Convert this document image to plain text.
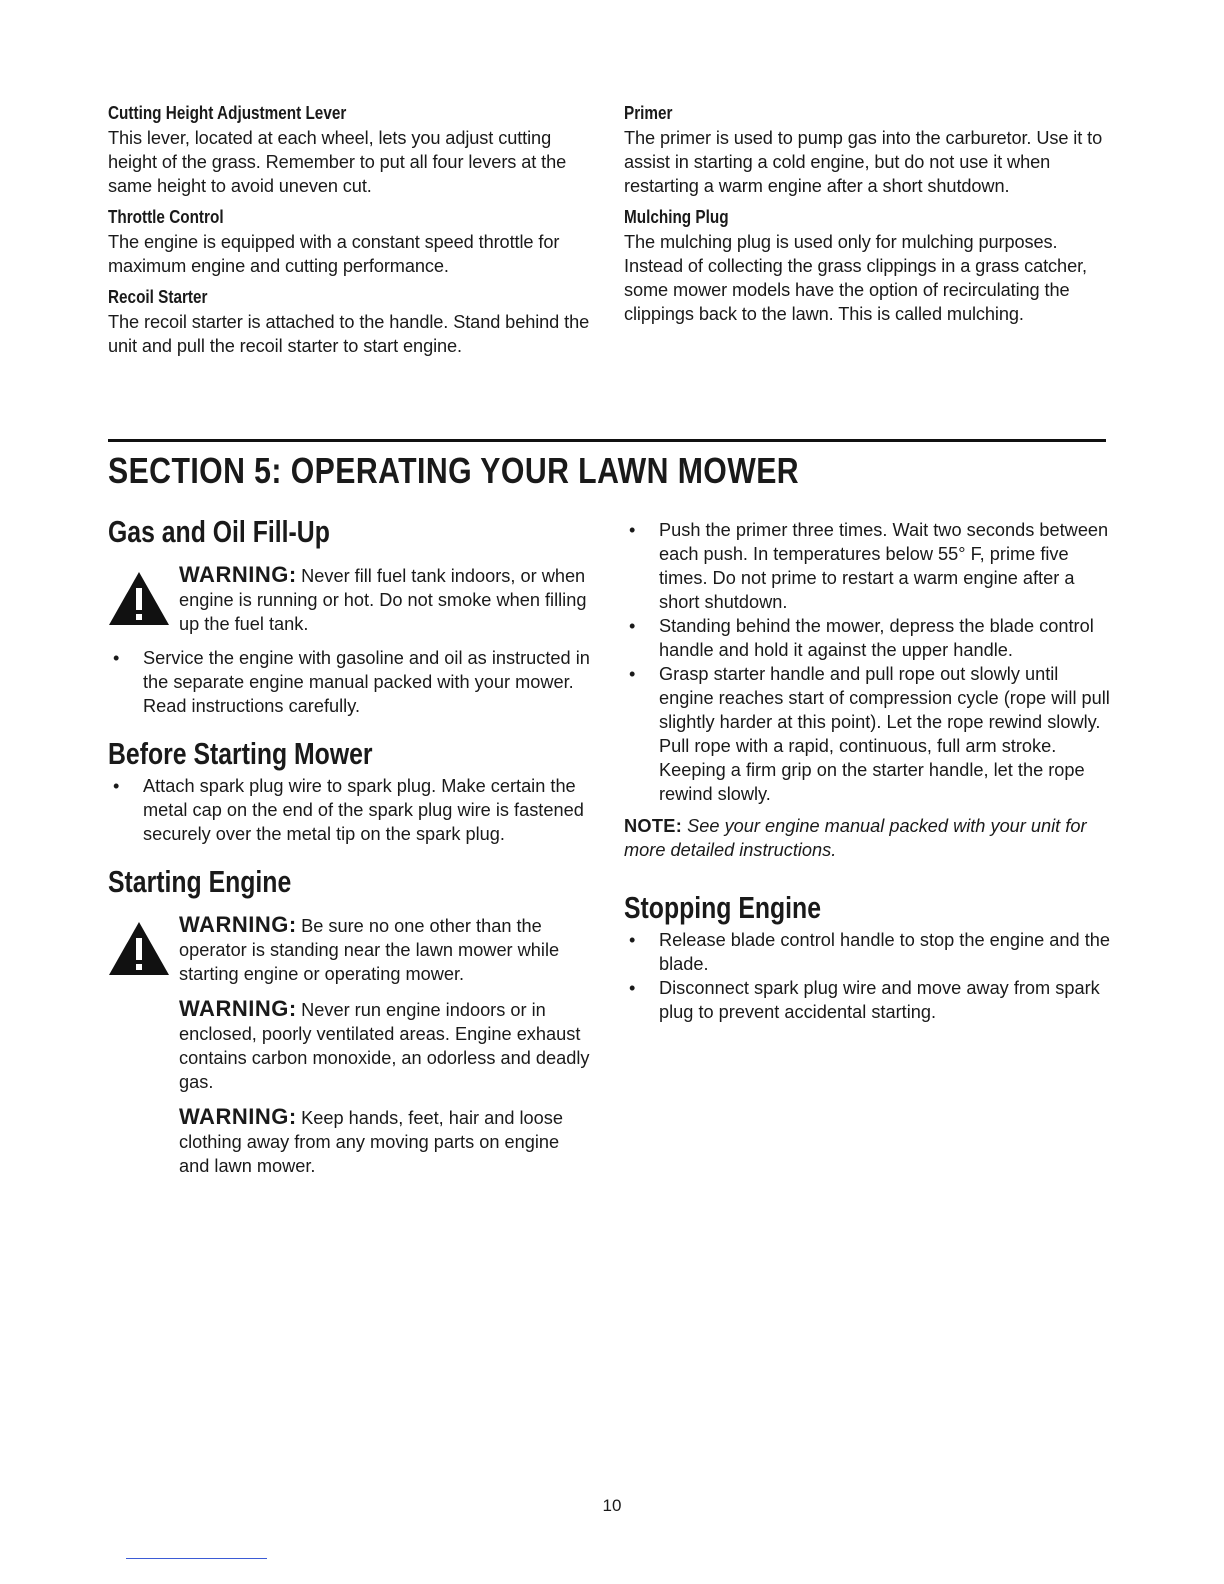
Cutting Height Adjustment Lever

This lever, located at each wheel, lets you adjust cutting height of the grass. Remember to put all four levers at the same height to avoid uneven cut.

Throttle Control

The engine is equipped with a constant speed throttle for maximum engine and cutting performance.

Recoil Starter

The recoil starter is attached to the handle. Stand behind the unit and pull the recoil starter to start engine.

Primer

The primer is used to pump gas into the carburetor. Use it to assist in starting a cold engine, but do not use it when restarting a warm engine after a short shutdown.

Mulching Plug

The mulching plug is used only for mulching purposes. Instead of collecting the grass clippings in a grass catcher, some mower models have the option of recirculating the clippings back to the lawn. This is called mulching.

SECTION 5: OPERATING YOUR LAWN MOWER
Gas and Oil Fill-Up
WARNING: Never fill fuel tank indoors, or when engine is running or hot. Do not smoke when filling up the fuel tank.
• Service the engine with gasoline and oil as instructed in the separate engine manual packed with your mower. Read instructions carefully.
Before Starting Mower
• Attach spark plug wire to spark plug. Make certain the metal cap on the end of the spark plug wire is fastened securely over the metal tip on the spark plug.
Starting Engine
WARNING: Be sure no one other than the operator is standing near the lawn mower while starting engine or operating mower.
WARNING: Never run engine indoors or in enclosed, poorly ventilated areas. Engine exhaust contains carbon monoxide, an odorless and deadly gas.
WARNING: Keep hands, feet, hair and loose clothing away from any moving parts on engine and lawn mower.
• Push the primer three times. Wait two seconds between each push. In temperatures below 55° F, prime five times. Do not prime to restart a warm engine after a short shutdown.
• Standing behind the mower, depress the blade control handle and hold it against the upper handle.
• Grasp starter handle and pull rope out slowly until engine reaches start of compression cycle (rope will pull slightly harder at this point). Let the rope rewind slowly. Pull rope with a rapid, continuous, full arm stroke. Keeping a firm grip on the starter handle, let the rope rewind slowly.

NOTE: See your engine manual packed with your unit for more detailed instructions.

Stopping Engine
• Release blade control handle to stop the engine and the blade.
• Disconnect spark plug wire and move away from spark plug to prevent accidental starting.
10
